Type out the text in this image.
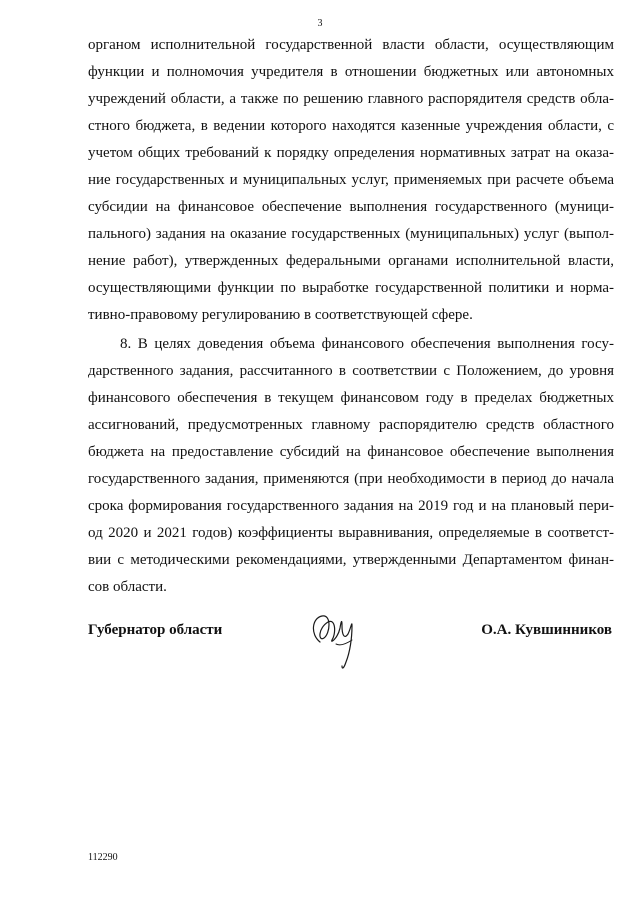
3
органом исполнительной государственной власти области, осуществляющим
функции и полномочия учредителя в отношении бюджетных или автономных
учреждений области, а также по решению главного распорядителя средств обла-
стного бюджета, в ведении которого находятся казенные учреждения области, с
учетом общих требований к порядку определения нормативных затрат на оказа-
ние государственных и муниципальных услуг, применяемых при расчете объема
субсидии на финансовое обеспечение выполнения государственного (муници-
пального) задания на оказание государственных (муниципальных) услуг (выпол-
нение работ), утвержденных федеральными органами исполнительной власти,
осуществляющими функции по выработке государственной политики и норма-
тивно-правовому регулированию в соответствующей сфере.
8. В целях доведения объема финансового обеспечения выполнения госу-
дарственного задания, рассчитанного в соответствии с Положением, до уровня
финансового обеспечения в текущем финансовом году в пределах бюджетных
ассигнований, предусмотренных главному распорядителю средств областного
бюджета на предоставление субсидий на финансовое обеспечение выполнения
государственного задания, применяются (при необходимости в период до начала
срока формирования государственного задания на 2019 год и на плановый пери-
од 2020 и 2021 годов) коэффициенты выравнивания, определяемые в соответст-
вии с методическими рекомендациями, утвержденными Департаментом финан-
сов области.
Губернатор области	О.А. Кувшинников
112290
